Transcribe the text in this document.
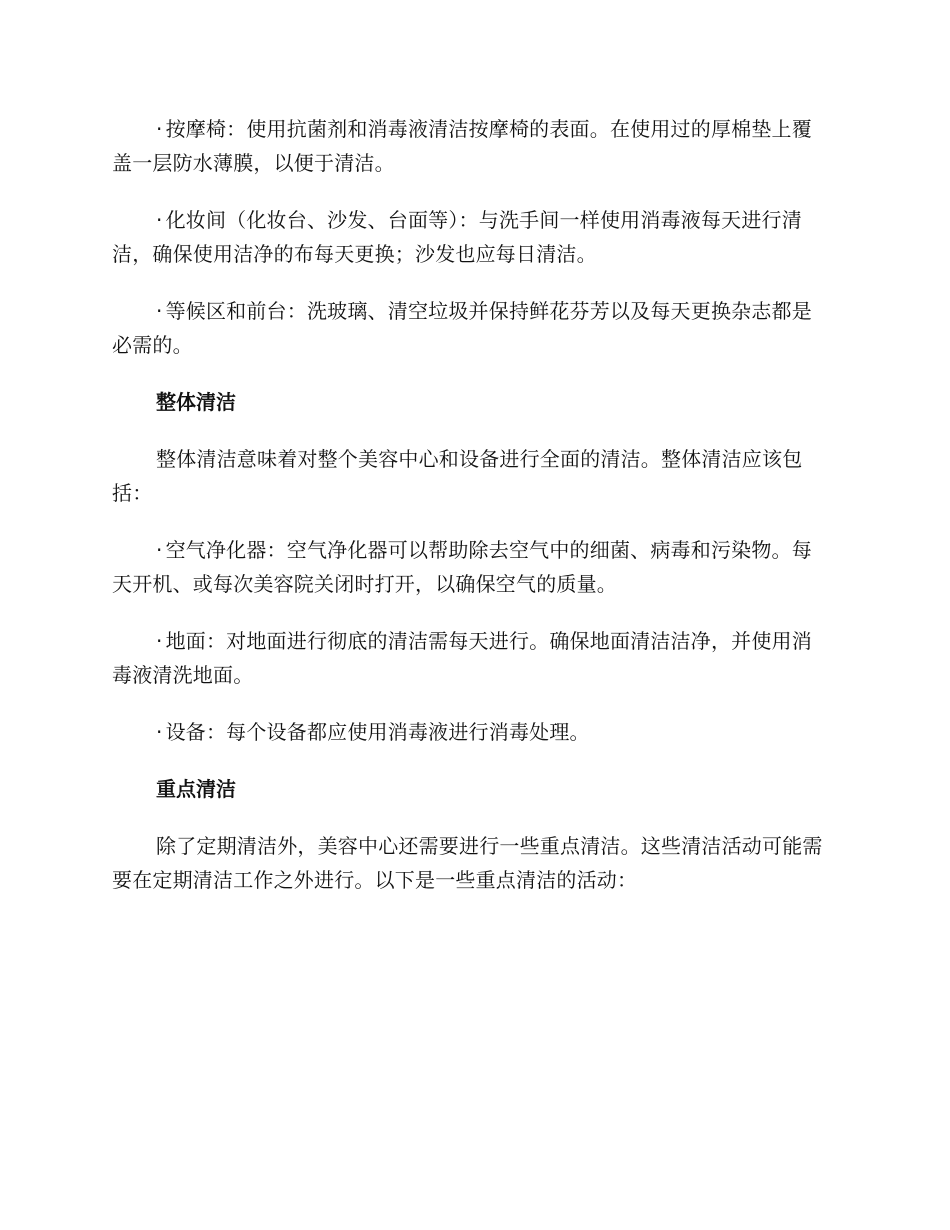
· 按摩椅：使用抗菌剂和消毒液清洁按摩椅的表面。在使用过的厚棉垫上覆盖一层防水薄膜，以便于清洁。

· 化妆间（化妆台、沙发、台面等）：与洗手间一样使用消毒液每天进行清洁，确保使用洁净的布每天更换；沙发也应每日清洁。

· 等候区和前台：洗玻璃、清空垃圾并保持鲜花芬芳以及每天更换杂志都是必需的。

整体清洁

整体清洁意味着对整个美容中心和设备进行全面的清洁。整体清洁应该包括：

· 空气净化器：空气净化器可以帮助除去空气中的细菌、病毒和污染物。每天开机、或每次美容院关闭时打开，以确保空气的质量。

· 地面：对地面进行彻底的清洁需每天进行。确保地面清洁洁净，并使用消毒液清洗地面。

· 设备：每个设备都应使用消毒液进行消毒处理。

重点清洁

除了定期清洁外，美容中心还需要进行一些重点清洁。这些清洁活动可能需要在定期清洁工作之外进行。以下是一些重点清洁的活动：
